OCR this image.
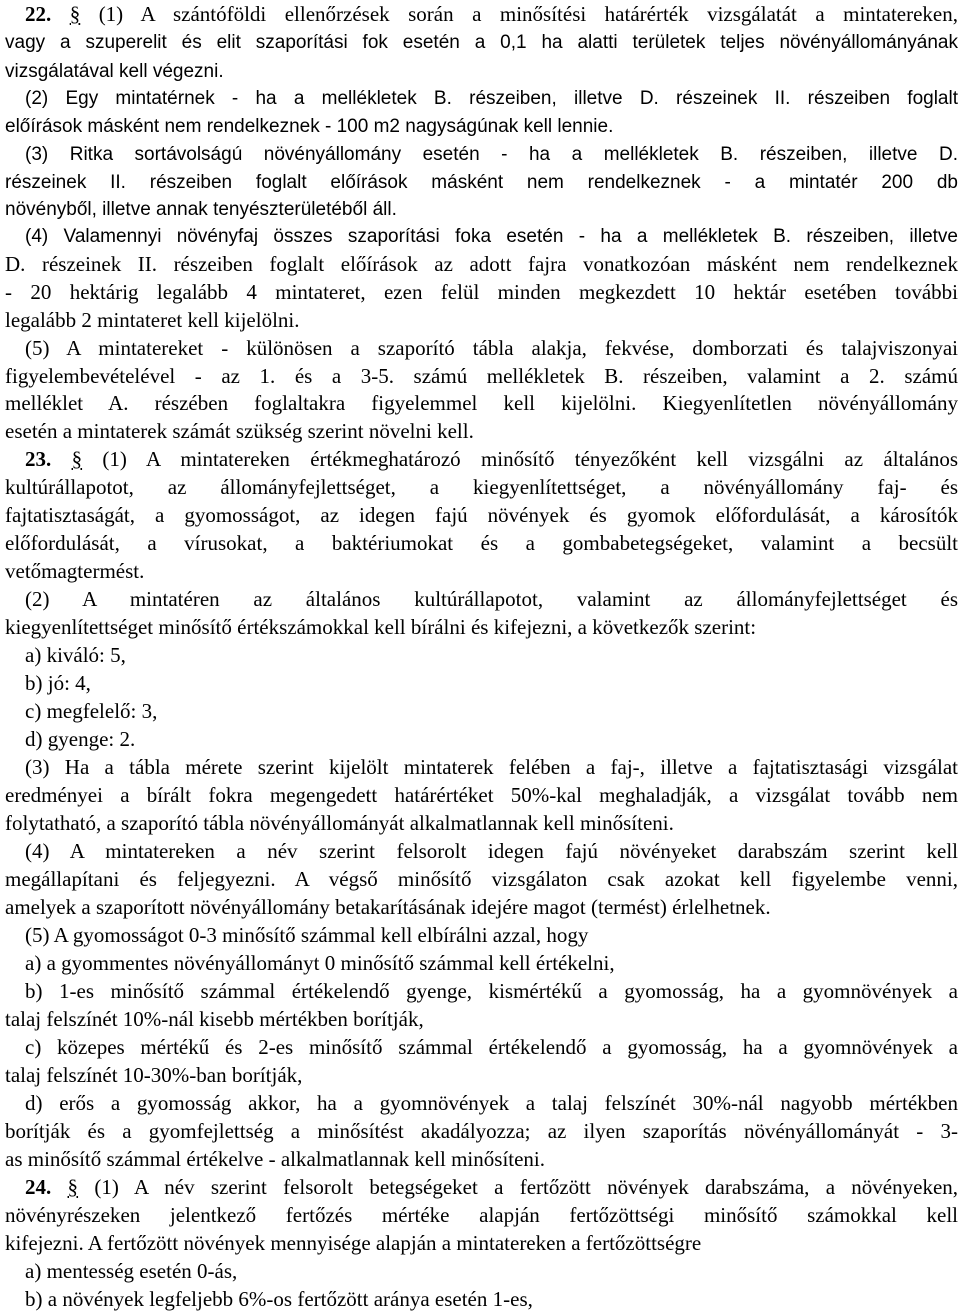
22. § (1) A szántóföldi ellenőrzések során a minősítési határérték vizsgálatát a mintatereken,
vagy a szuperelit és elit szaporítási fok esetén a 0,1 ha alatti területek teljes növényállományának
vizsgálatával kell végezni.
(2) Egy mintatérnek - ha a mellékletek B. részeiben, illetve D. részeinek II. részeiben foglalt
előírások másként nem rendelkeznek - 100 m2 nagyságúnak kell lennie.
(3) Ritka sortávolságú növényállomány esetén - ha a mellékletek B. részeiben, illetve D.
részeinek II. részeiben foglalt előírások másként nem rendelkeznek - a mintatér 200 db
növényből, illetve annak tenyészterületéből áll.
(4) Valamennyi növényfaj összes szaporítási foka esetén - ha a mellékletek B. részeiben, illetve
D. részeinek II. részeiben foglalt előírások az adott fajra vonatkozóan másként nem rendelkeznek
- 20 hektárig legalább 4 mintateret, ezen felül minden megkezdett 10 hektár esetében további
legalább 2 mintateret kell kijelölni.
(5) A mintatereket - különösen a szaporító tábla alakja, fekvése, domborzati és talajviszonyai
figyelembevételével - az 1. és a 3-5. számú mellékletek B. részeiben, valamint a 2. számú
melléklet A. részében foglaltakra figyelemmel kell kijelölni. Kiegyenlítetlen növényállomány
esetén a mintaterek számát szükség szerint növelni kell.
23. § (1) A mintatereken értékmeghatározó minősítő tényezőként kell vizsgálni az általános
kultúrállapotot, az állományfejlettséget, a kiegyenlítettséget, a növényállomány faj- és
fajtatisztaságát, a gyomosságot, az idegen fajú növények és gyomok előfordulását, a károsítók
előfordulását, a vírusokat, a baktériumokat és a gombabetegségeket, valamint a becsült
vetőmagtermést.
(2) A mintatéren az általános kultúrállapotot, valamint az állományfejlettséget és
kiegyenlítettséget minősítő értékszámokkal kell bírálni és kifejezni, a következők szerint:
a) kiváló: 5,
b) jó: 4,
c) megfelelő: 3,
d) gyenge: 2.
(3) Ha a tábla mérete szerint kijelölt mintaterek felében a faj-, illetve a fajtatisztasági vizsgálat
eredményei a bírált fokra megengedett határértéket 50%-kal meghaladják, a vizsgálat tovább nem
folytatható, a szaporító tábla növényállományát alkalmatlannak kell minősíteni.
(4) A mintatereken a név szerint felsorolt idegen fajú növényeket darabszám szerint kell
megállapítani és feljegyezni. A végső minősítő vizsgálaton csak azokat kell figyelembe venni,
amelyek a szaporított növényállomány betakarításának idejére magot (termést) érlelhetnek.
(5) A gyomosságot 0-3 minősítő számmal kell elbírálni azzal, hogy
a) a gyommentes növényállományt 0 minősítő számmal kell értékelni,
b) 1-es minősítő számmal értékelendő gyenge, kismértékű a gyomosság, ha a gyomnövények a
talaj felszínét 10%-nál kisebb mértékben borítják,
c) közepes mértékű és 2-es minősítő számmal értékelendő a gyomosság, ha a gyomnövények a
talaj felszínét 10-30%-ban borítják,
d) erős a gyomosság akkor, ha a gyomnövények a talaj felszínét 30%-nál nagyobb mértékben
borítják és a gyomfejlettség a minősítést akadályozza; az ilyen szaporítás növényállományát - 3-
as minősítő számmal értékelve - alkalmatlannak kell minősíteni.
24. § (1) A név szerint felsorolt betegségeket a fertőzött növények darabszáma, a növényeken,
növényrészeken jelentkező fertőzés mértéke alapján fertőzöttségi minősítő számokkal kell
kifejezni. A fertőzött növények mennyisége alapján a mintatereken a fertőzöttségre
a) mentesség esetén 0-ás,
b) a növények legfeljebb 6%-os fertőzött aránya esetén 1-es,
